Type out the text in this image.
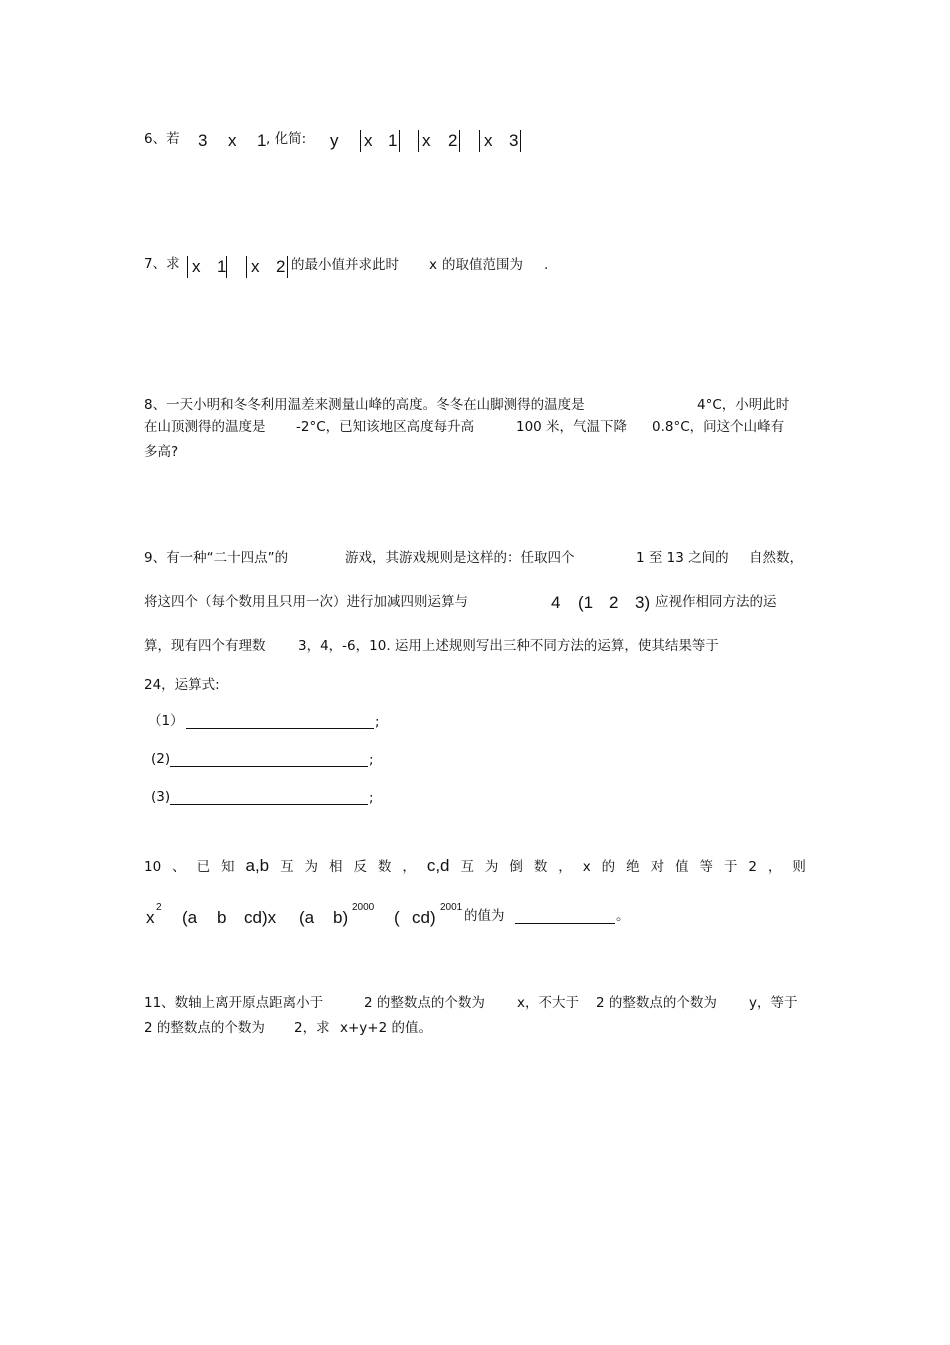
6、若 3 x 1 , 化简: y x 1 x 2 x 3
7、求 x 1 x 2 的最小值并求此时 x 的取值范围为 .
8、一天小明和冬冬利用温差来测量山峰的高度。冬冬在山脚测得的温度是	4°C，小明此时
在山顶测得的温度是 -2°C，已知该地区高度每升高	100 米，气温下降 0.8°C，问这个山峰有
多高?
9、有一种“二十四点”的	游戏，其游戏规则是这样的：任取四个	1 至 13 之间的 自然数，
将这四个（每个数用且只用一次）进行加减四则运算与	4 (1 2 3) 应视作相同方法的运
算，现有四个有理数 3，4，-6，10. 运用上述规则写出三种不同方法的运算，使其结果等于
24，运算式:
（1）	;
(2)	;
(3)	;
10 、 已 知 a,b 互 为 相 反 数 ， c,d 互 为 倒 数 ， x 的 绝 对 值 等 于 2 ， 则
x
2
(a b cd)x (a b)
2000
( cd)
2001
的值为	。
11、数轴上离开原点距离小于	2 的整数点的个数为 x，不大于 2 的整数点的个数为 y，等于
2 的整数点的个数为 2，求 x+y+2 的值。
